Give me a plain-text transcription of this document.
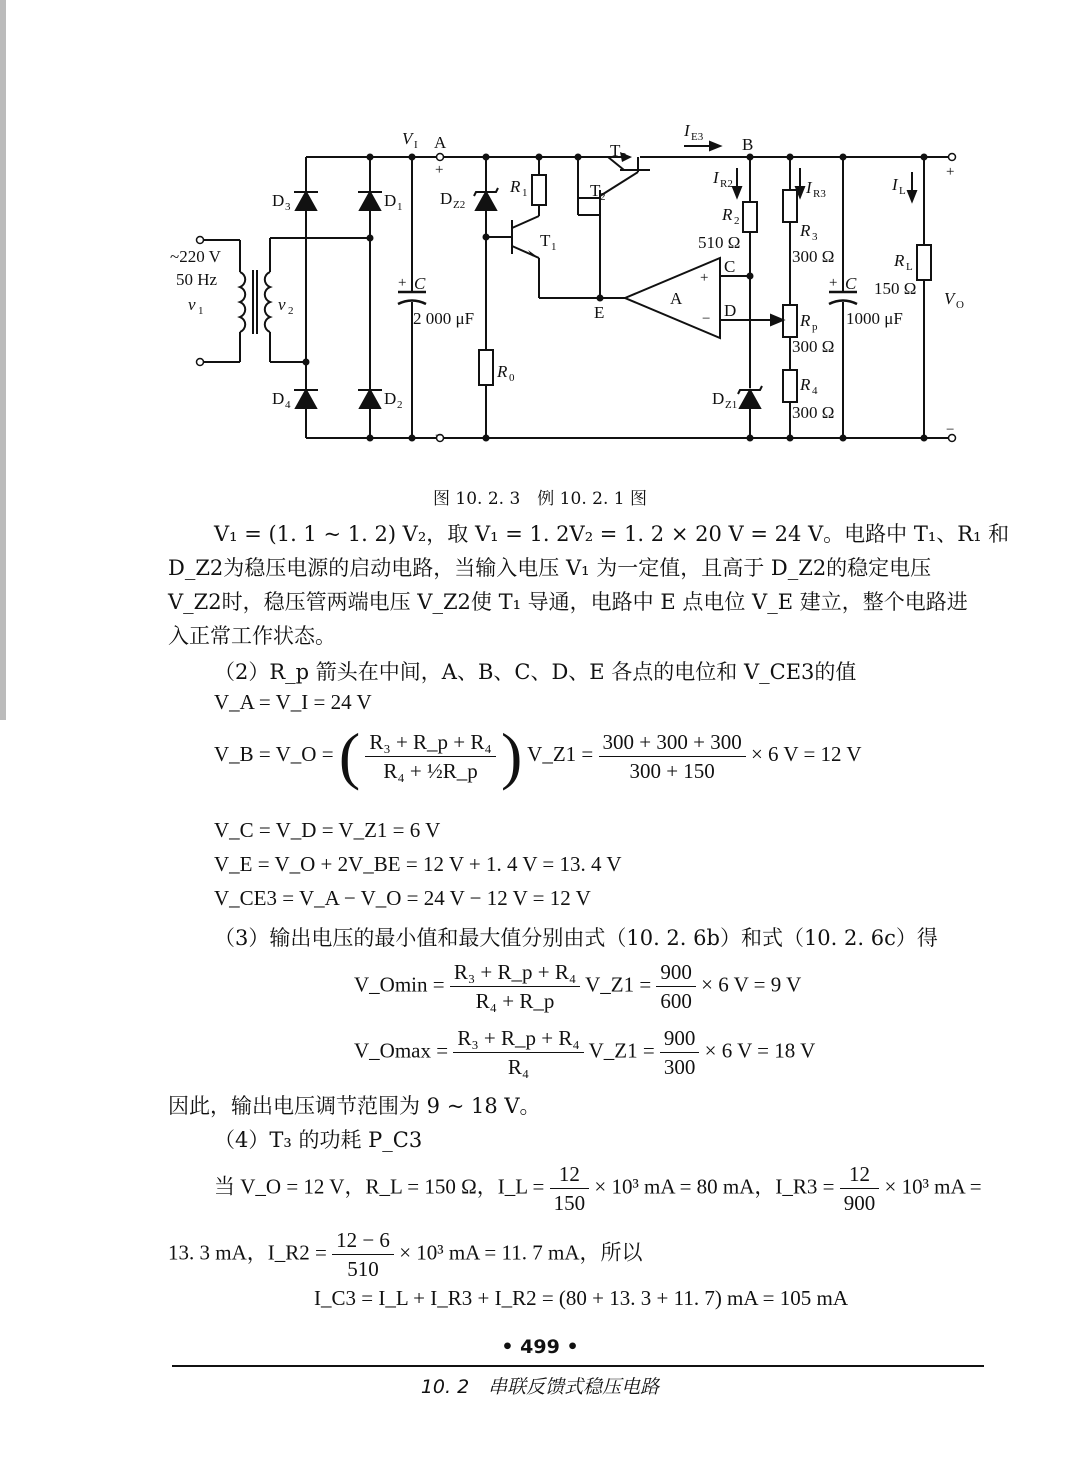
~220 V
50 Hz
v 1	v 2
D 3	D 1
D 4	D 2
+ C
2 000 μF
V I A
+
−
D Z2
R 1
T 1
T 2
T 3
R 0
E
I E3 B
I R2
R 2
510 Ω
I R3
R 3
300 Ω
C
D
+
−
A
R p
300 Ω
R 4
300 Ω
D Z1
+ C
1000 μF
I L
R L
150 Ω
V O
+
−
图 10. 2. 3　例 10. 2. 1 图
V₁ = (1. 1 ~ 1. 2) V₂，取 V₁ = 1. 2V₂ = 1. 2 × 20 V = 24 V。电路中 T₁、R₁ 和
D_Z2为稳压电源的启动电路，当输入电压 V₁ 为一定值，且高于 D_Z2的稳定电压
V_Z2时，稳压管两端电压 V_Z2使 T₁ 导通，电路中 E 点电位 V_E 建立，整个电路进
入正常工作状态。
（2）R_p 箭头在中间，A、B、C、D、E 各点的电位和 V_CE3的值
V_A = V_I = 24 V
V_B = V_O = ( $\frac{\text{R₃ + R\_p + R₄}}{\text{R₄ + ½R\_p}}$ ) V_Z1 = $\frac{300 + 300 + 300}{300 + 150} \times 6$ V = 12 V
V_C = V_D = V_Z1 = 6 V
V_E = V_O + 2V_BE = 12 V + 1. 4 V = 13. 4 V
V_CE3 = V_A − V_O = 24 V − 12 V = 12 V
（3）输出电压的最小值和最大值分别由式（10. 2. 6b）和式（10. 2. 6c）得
V_Omin = $\frac{\text{R₃ + R\_p + R₄}}{\text{R₄ + R\_p}}$ V_Z1 = $\frac{900}{600} \times 6$ V = 9 V
V_Omax = $\frac{\text{R₃ + R\_p + R₄}}{\text{R₄}}$ V_Z1 = $\frac{900}{300} \times 6$ V = 18 V
因此，输出电压调节范围为 9 ~ 18 V。
（4）T₃ 的功耗 P_C3
当 V_O = 12 V，R_L = 150 Ω，I_L = $\frac{12}{150} \times 10^3$ mA = 80 mA，I_R3 = $\frac{12}{900} \times 10^3$ mA =
13. 3 mA，I_R2 = $\frac{12 - 6}{510} \times 10^3$ mA = 11. 7 mA，所以
I_C3 = I_L + I_R3 + I_R2 = (80 + 13. 3 + 11. 7) mA = 105 mA
• 499 •
10. 2　串联反馈式稳压电路
